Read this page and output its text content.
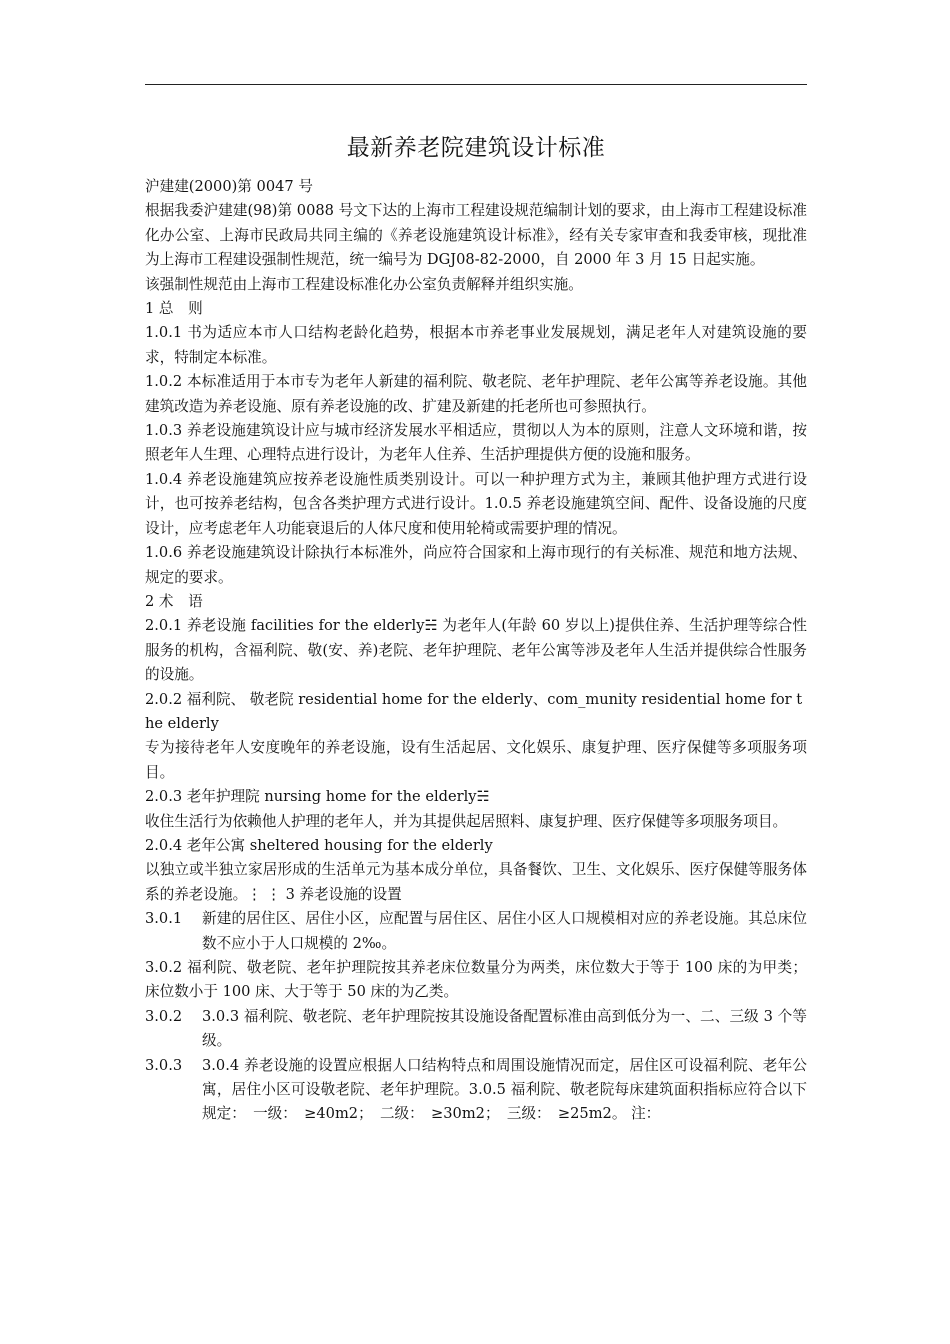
最新养老院建筑设计标准

沪建建(2000)第 0047 号

根据我委沪建建(98)第 0088 号文下达的上海市工程建设规范编制计划的要求，由上海市工程建设标准化办公室、上海市民政局共同主编的《养老设施建筑设计标准》，经有关专家审查和我委审核，现批准为上海市工程建设强制性规范，统一编号为 DGJ08-82-2000，自 2000 年 3 月 15 日起实施。

该强制性规范由上海市工程建设标准化办公室负责解释并组织实施。

1 总　则

1.0.1 书为适应本市人口结构老龄化趋势，根据本市养老事业发展规划，满足老年人对建筑设施的要求，特制定本标准。

1.0.2 本标准适用于本市专为老年人新建的福利院、敬老院、老年护理院、老年公寓等养老设施。其他建筑改造为养老设施、原有养老设施的改、扩建及新建的托老所也可参照执行。

1.0.3 养老设施建筑设计应与城市经济发展水平相适应，贯彻以人为本的原则，注意人文环境和谐，按照老年人生理、心理特点进行设计，为老年人住养、生活护理提供方便的设施和服务。

1.0.4 养老设施建筑应按养老设施性质类别设计。可以一种护理方式为主，兼顾其他护理方式进行设计，也可按养老结构，包含各类护理方式进行设计。1.0.5 养老设施建筑空间、配件、设备设施的尺度设计，应考虑老年人功能衰退后的人体尺度和使用轮椅或需要护理的情况。

1.0.6 养老设施建筑设计除执行本标准外，尚应符合国家和上海市现行的有关标准、规范和地方法规、规定的要求。

2 术　语

2.0.1 养老设施 facilities for the elderly☵ 为老年人(年龄 60 岁以上)提供住养、生活护理等综合性服务的机构，含福利院、敬(安、养)老院、老年护理院、老年公寓等涉及老年人生活并提供综合性服务的设施。

2.0.2 福利院、 敬老院 residential home for the elderly、com_munity residential home for the elderly

专为接待老年人安度晚年的养老设施，设有生活起居、文化娱乐、康复护理、医疗保健等多项服务项目。

2.0.3 老年护理院 nursing home for the elderly☵

收住生活行为依赖他人护理的老年人，并为其提供起居照料、康复护理、医疗保健等多项服务项目。

2.0.4 老年公寓 sheltered housing for the elderly

以独立或半独立家居形成的生活单元为基本成分单位，具备餐饮、卫生、文化娱乐、医疗保健等服务体系的养老设施。⋮ ⋮ 3 养老设施的设置

3.0.1	新建的居住区、居住小区，应配置与居住区、居住小区人口规模相对应的养老设施。其总床位数不应小于人口规模的 2‰。

3.0.2 福利院、敬老院、老年护理院按其养老床位数量分为两类，床位数大于等于 100 床的为甲类；床位数小于 100 床、大于等于 50 床的为乙类。

3.0.2	3.0.3 福利院、敬老院、老年护理院按其设施设备配置标准由高到低分为一、二、三级 3 个等级。
3.0.3	3.0.4 养老设施的设置应根据人口结构特点和周围设施情况而定，居住区可设福利院、老年公寓，居住小区可设敬老院、老年护理院。3.0.5 福利院、敬老院每床建筑面积指标应符合以下规定：　一级：　≥40m2；　二级：　≥30m2；　三级：　≥25m2。 注：
